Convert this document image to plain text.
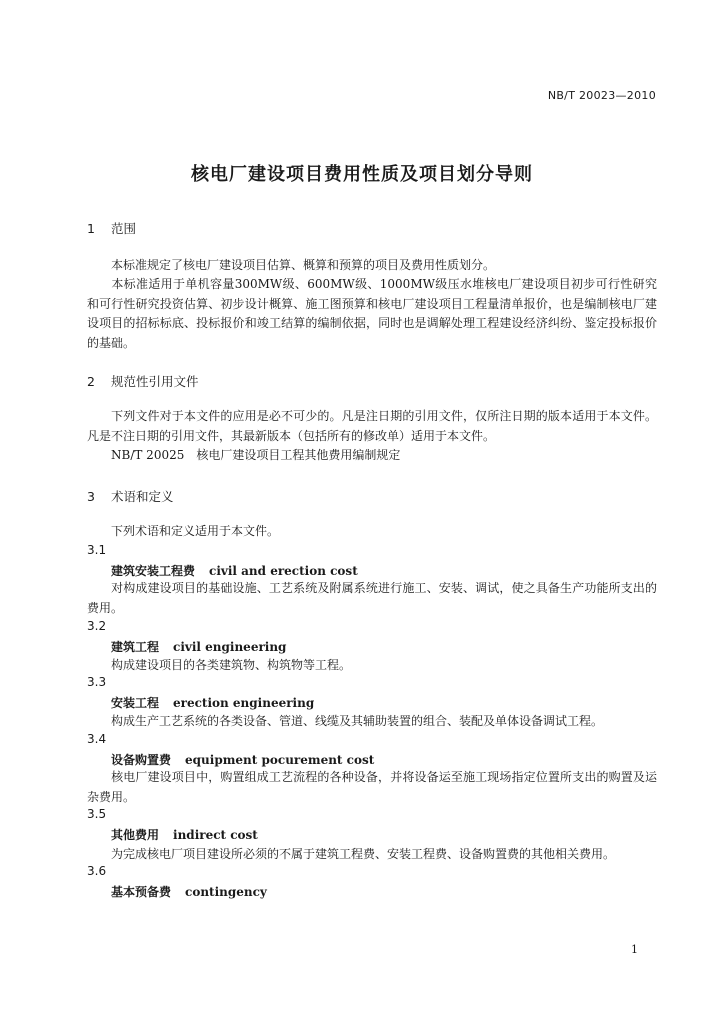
NB/T 20023—2010
核电厂建设项目费用性质及项目划分导则
1 范围
本标准规定了核电厂建设项目估算、概算和预算的项目及费用性质划分。
本标准适用于单机容量300MW级、600MW级、1000MW级压水堆核电厂建设项目初步可行性研究和可行性研究投资估算、初步设计概算、施工图预算和核电厂建设项目工程量清单报价，也是编制核电厂建设项目的招标标底、投标报价和竣工结算的编制依据，同时也是调解处理工程建设经济纠纷、鉴定投标报价的基础。
2 规范性引用文件
下列文件对于本文件的应用是必不可少的。凡是注日期的引用文件，仅所注日期的版本适用于本文件。凡是不注日期的引用文件，其最新版本（包括所有的修改单）适用于本文件。
NB/T 20025　核电厂建设项目工程其他费用编制规定
3 术语和定义
下列术语和定义适用于本文件。
3.1
建筑安装工程费 civil and erection cost
对构成建设项目的基础设施、工艺系统及附属系统进行施工、安装、调试，使之具备生产功能所支出的费用。
3.2
建筑工程 civil engineering
构成建设项目的各类建筑物、构筑物等工程。
3.3
安装工程 erection engineering
构成生产工艺系统的各类设备、管道、线缆及其辅助装置的组合、装配及单体设备调试工程。
3.4
设备购置费 equipment pocurement cost
核电厂建设项目中，购置组成工艺流程的各种设备，并将设备运至施工现场指定位置所支出的购置及运杂费用。
3.5
其他费用 indirect cost
为完成核电厂项目建设所必须的不属于建筑工程费、安装工程费、设备购置费的其他相关费用。
3.6
基本预备费 contingency
1
